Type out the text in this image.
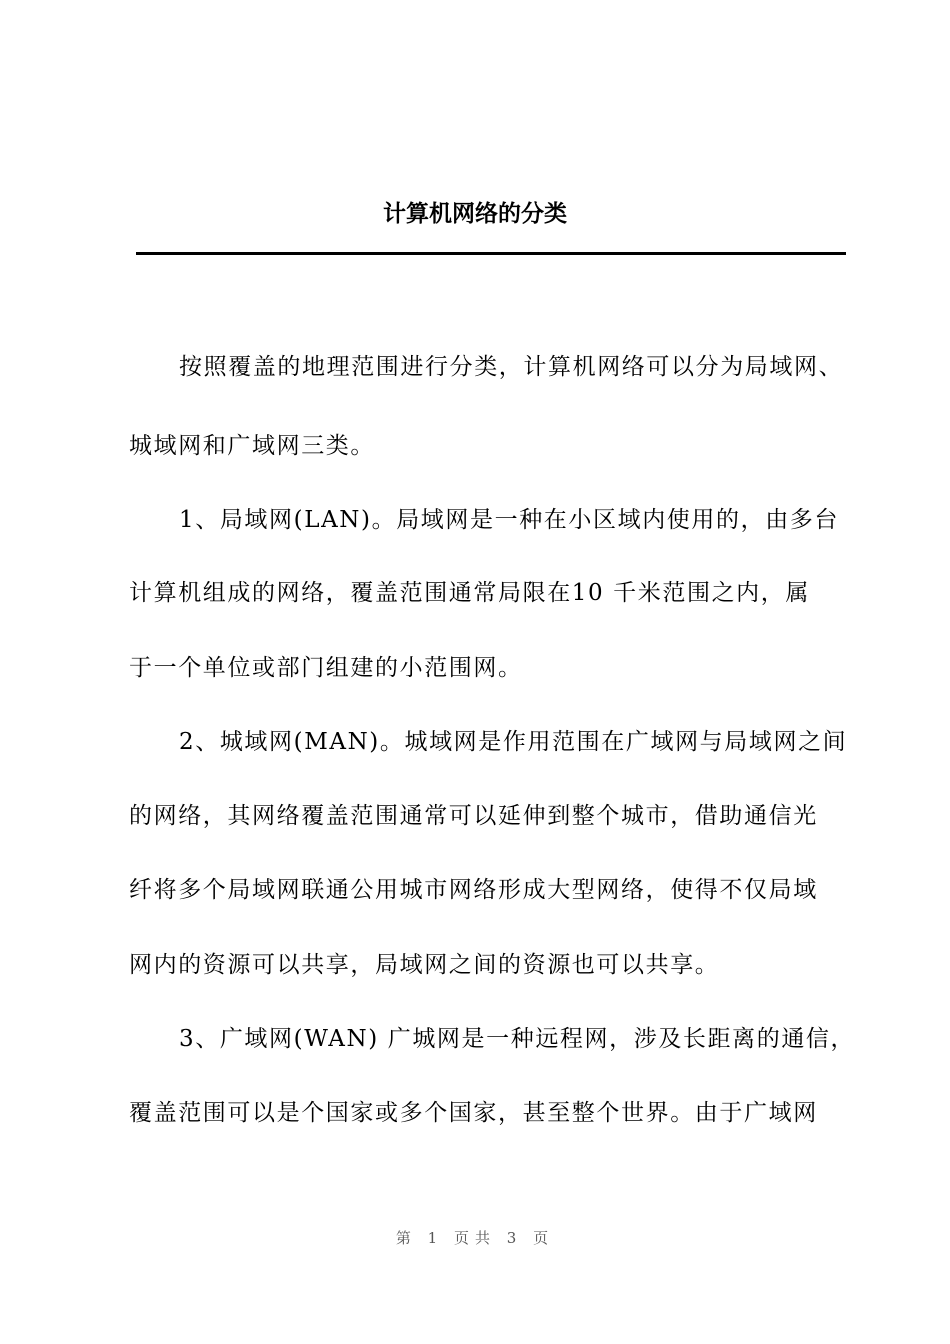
计算机网络的分类
按照覆盖的地理范围进行分类，计算机网络可以分为局域网、
城域网和广域网三类。
1、局域网(LAN)。局域网是一种在小区域内使用的，由多台
计算机组成的网络，覆盖范围通常局限在10 千米范围之内，属
于一个单位或部门组建的小范围网。
2、城域网(MAN)。城域网是作用范围在广域网与局域网之间
的网络，其网络覆盖范围通常可以延伸到整个城市，借助通信光
纤将多个局域网联通公用城市网络形成大型网络，使得不仅局域
网内的资源可以共享，局域网之间的资源也可以共享。
3、广域网(WAN) 广城网是一种远程网，涉及长距离的通信，
覆盖范围可以是个国家或多个国家，甚至整个世界。由于广域网
第 1 页共 3 页
